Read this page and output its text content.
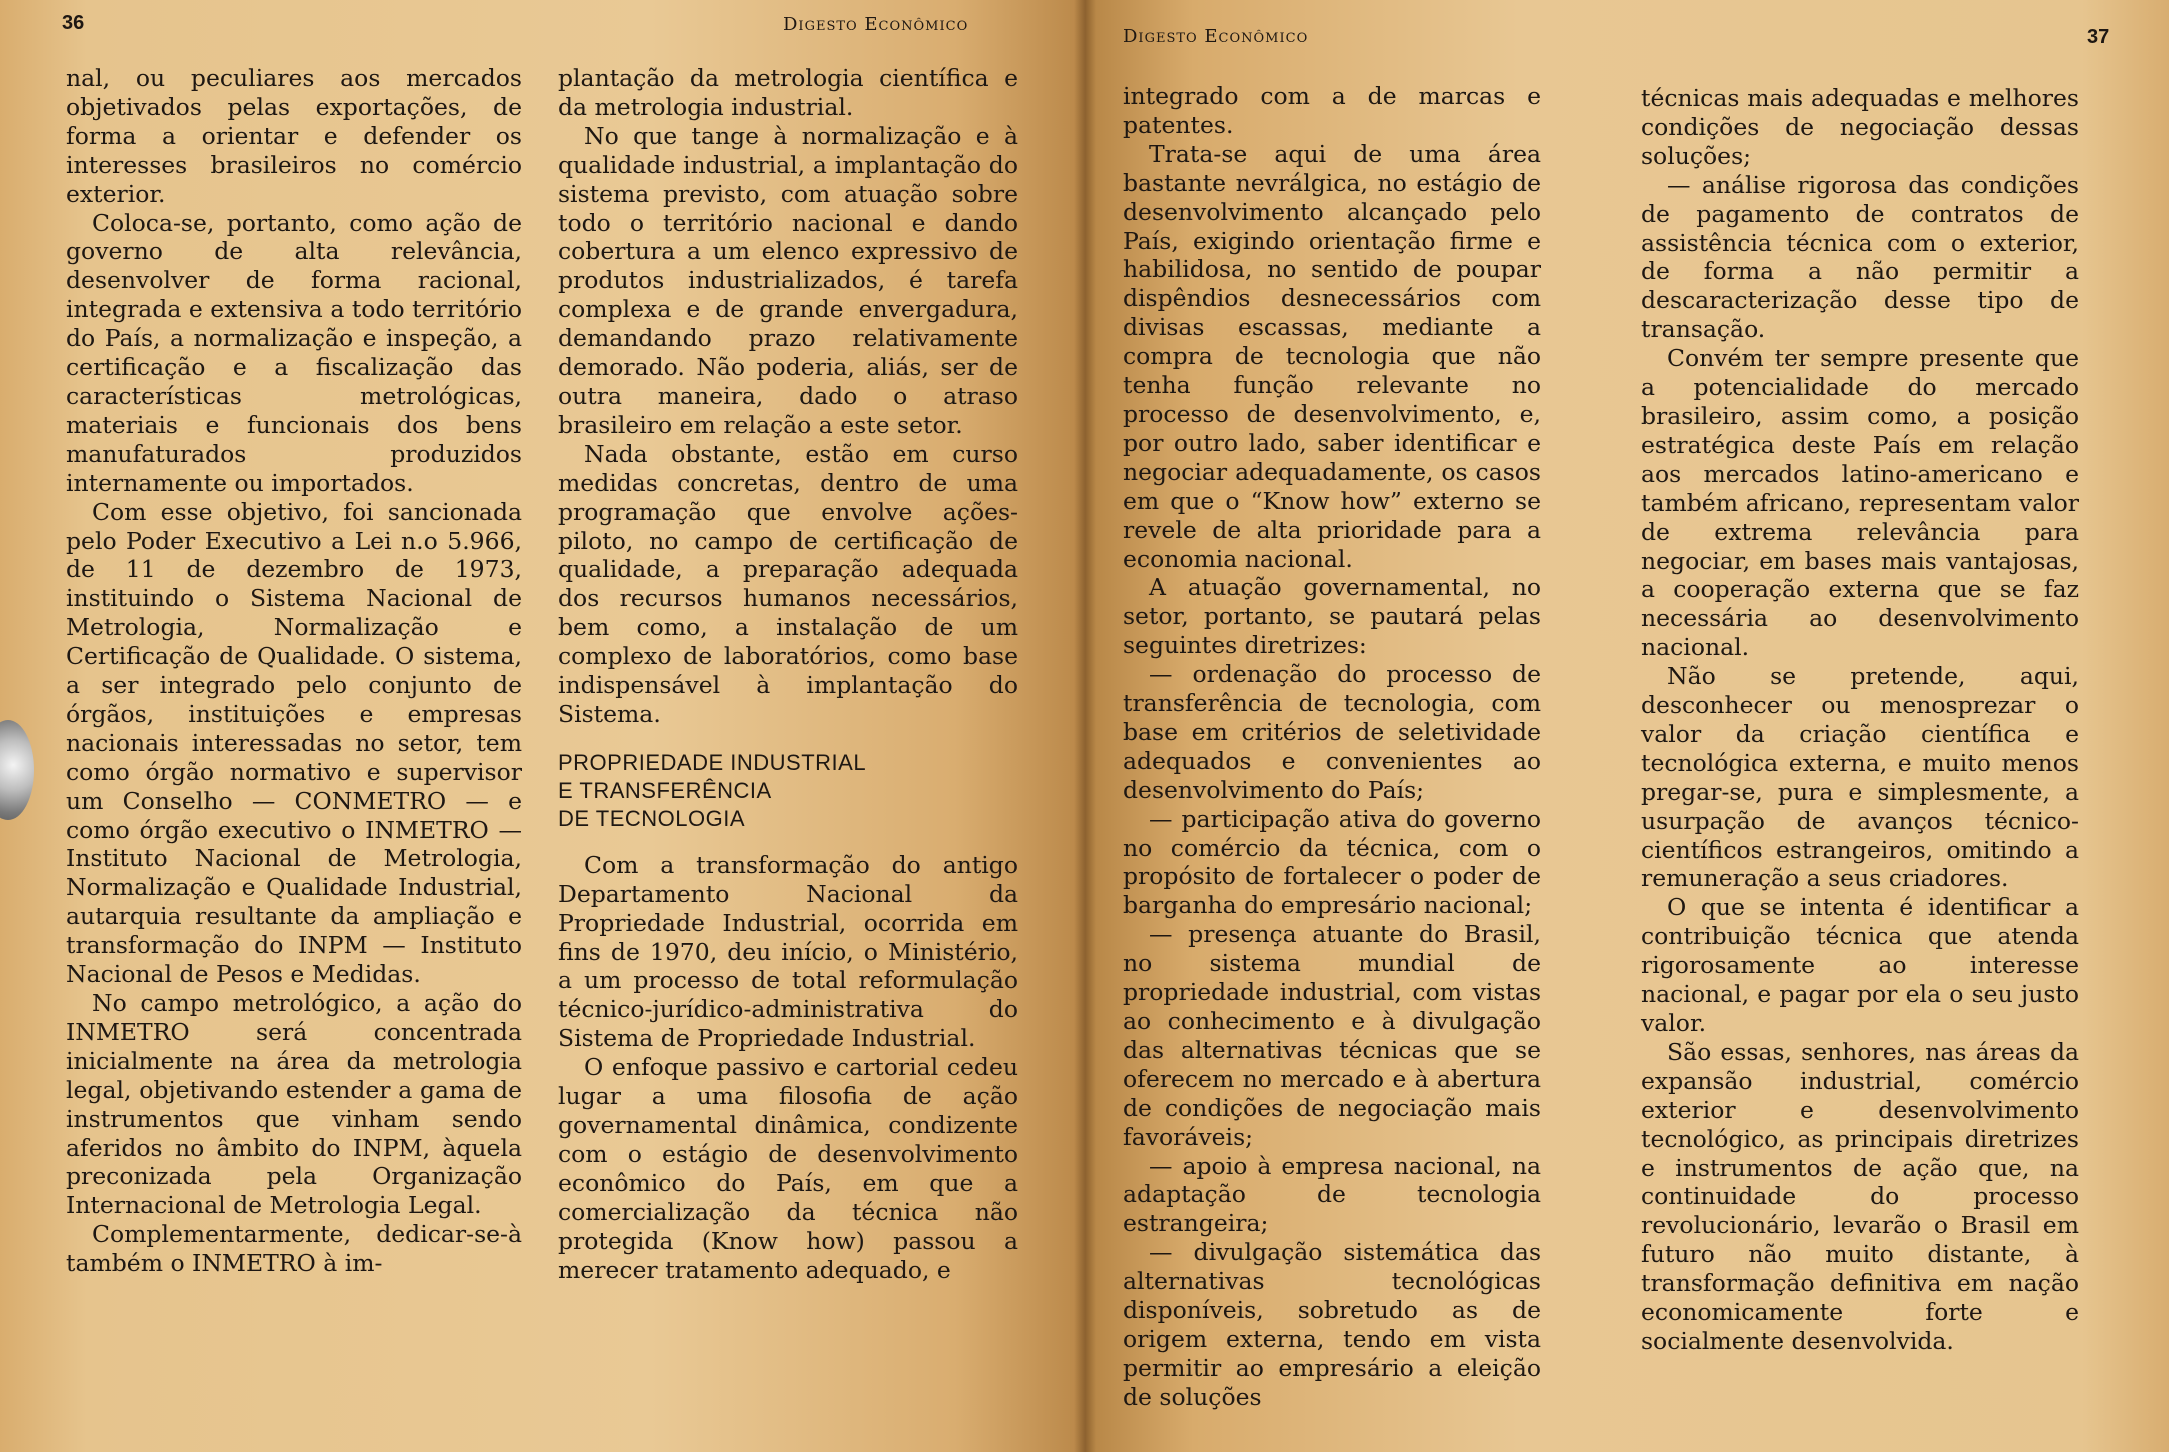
36	Digesto Econômico

nal, ou peculiares aos mercados objetivados pelas exportações, de forma a orientar e defender os interesses brasileiros no comércio exterior.

Coloca-se, portanto, como ação de governo de alta relevância, desenvolver de forma racional, integrada e extensiva a todo território do País, a normalização e inspeção, a certificação e a fiscalização das características metrológicas, materiais e funcionais dos bens manufaturados produzidos internamente ou importados.

Com esse objetivo, foi sancionada pelo Poder Executivo a Lei n.o 5.966, de 11 de dezembro de 1973, instituindo o Sistema Nacional de Metrologia, Normalização e Certificação de Qualidade. O sistema, a ser integrado pelo conjunto de órgãos, instituições e empresas nacionais interessadas no setor, tem como órgão normativo e supervisor um Conselho — CONMETRO — e como órgão executivo o INMETRO — Instituto Nacional de Metrologia, Normalização e Qualidade Industrial, autarquia resultante da ampliação e transformação do INPM — Instituto Nacional de Pesos e Medidas.

No campo metrológico, a ação do INMETRO será concentrada inicialmente na área da metrologia legal, objetivando estender a gama de instrumentos que vinham sendo aferidos no âmbito do INPM, àquela preconizada pela Organização Internacional de Metrologia Legal.

Complementarmente, dedicar-se-à também o INMETRO à im-

plantação da metrologia científica e da metrologia industrial.

No que tange à normalização e à qualidade industrial, a implantação do sistema previsto, com atuação sobre todo o território nacional e dando cobertura a um elenco expressivo de produtos industrializados, é tarefa complexa e de grande envergadura, demandando prazo relativamente demorado. Não poderia, aliás, ser de outra maneira, dado o atraso brasileiro em relação a este setor.

Nada obstante, estão em curso medidas concretas, dentro de uma programação que envolve ações-piloto, no campo de certificação de qualidade, a preparação adequada dos recursos humanos necessários, bem como, a instalação de um complexo de laboratórios, como base indispensável à implantação do Sistema.

PROPRIEDADE INDUSTRIAL
E TRANSFERÊNCIA
DE TECNOLOGIA

Com a transformação do antigo Departamento Nacional da Propriedade Industrial, ocorrida em fins de 1970, deu início, o Ministério, a um processo de total reformulação técnico-jurídico-administrativa do Sistema de Propriedade Industrial.

O enfoque passivo e cartorial cedeu lugar a uma filosofia de ação governamental dinâmica, condizente com o estágio de desenvolvimento econômico do País, em que a comercialização da técnica não protegida (Know how) passou a merecer tratamento adequado, e

Digesto Econômico	37

integrado com a de marcas e patentes.

Trata-se aqui de uma área bastante nevrálgica, no estágio de desenvolvimento alcançado pelo País, exigindo orientação firme e habilidosa, no sentido de poupar dispêndios desnecessários com divisas escassas, mediante a compra de tecnologia que não tenha função relevante no processo de desenvolvimento, e, por outro lado, saber identificar e negociar adequadamente, os casos em que o “Know how” externo se revele de alta prioridade para a economia nacional.

A atuação governamental, no setor, portanto, se pautará pelas seguintes diretrizes:

— ordenação do processo de transferência de tecnologia, com base em critérios de seletividade adequados e convenientes ao desenvolvimento do País;

— participação ativa do governo no comércio da técnica, com o propósito de fortalecer o poder de barganha do empresário nacional;

— presença atuante do Brasil, no sistema mundial de propriedade industrial, com vistas ao conhecimento e à divulgação das alternativas técnicas que se oferecem no mercado e à abertura de condições de negociação mais favoráveis;

— apoio à empresa nacional, na adaptação de tecnologia estrangeira;

— divulgação sistemática das alternativas tecnológicas disponíveis, sobretudo as de origem externa, tendo em vista permitir ao empresário a eleição de soluções

técnicas mais adequadas e melhores condições de negociação dessas soluções;

— análise rigorosa das condições de pagamento de contratos de assistência técnica com o exterior, de forma a não permitir a descaracterização desse tipo de transação.

Convém ter sempre presente que a potencialidade do mercado brasileiro, assim como, a posição estratégica deste País em relação aos mercados latino-americano e também africano, representam valor de extrema relevância para negociar, em bases mais vantajosas, a cooperação externa que se faz necessária ao desenvolvimento nacional.

Não se pretende, aqui, desconhecer ou menosprezar o valor da criação científica e tecnológica externa, e muito menos pregar-se, pura e simplesmente, a usurpação de avanços técnico-científicos estrangeiros, omitindo a remuneração a seus criadores.

O que se intenta é identificar a contribuição técnica que atenda rigorosamente ao interesse nacional, e pagar por ela o seu justo valor.

São essas, senhores, nas áreas da expansão industrial, comércio exterior e desenvolvimento tecnológico, as principais diretrizes e instrumentos de ação que, na continuidade do processo revolucionário, levarão o Brasil em futuro não muito distante, à transformação definitiva em nação economicamente forte e socialmente desenvolvida.
